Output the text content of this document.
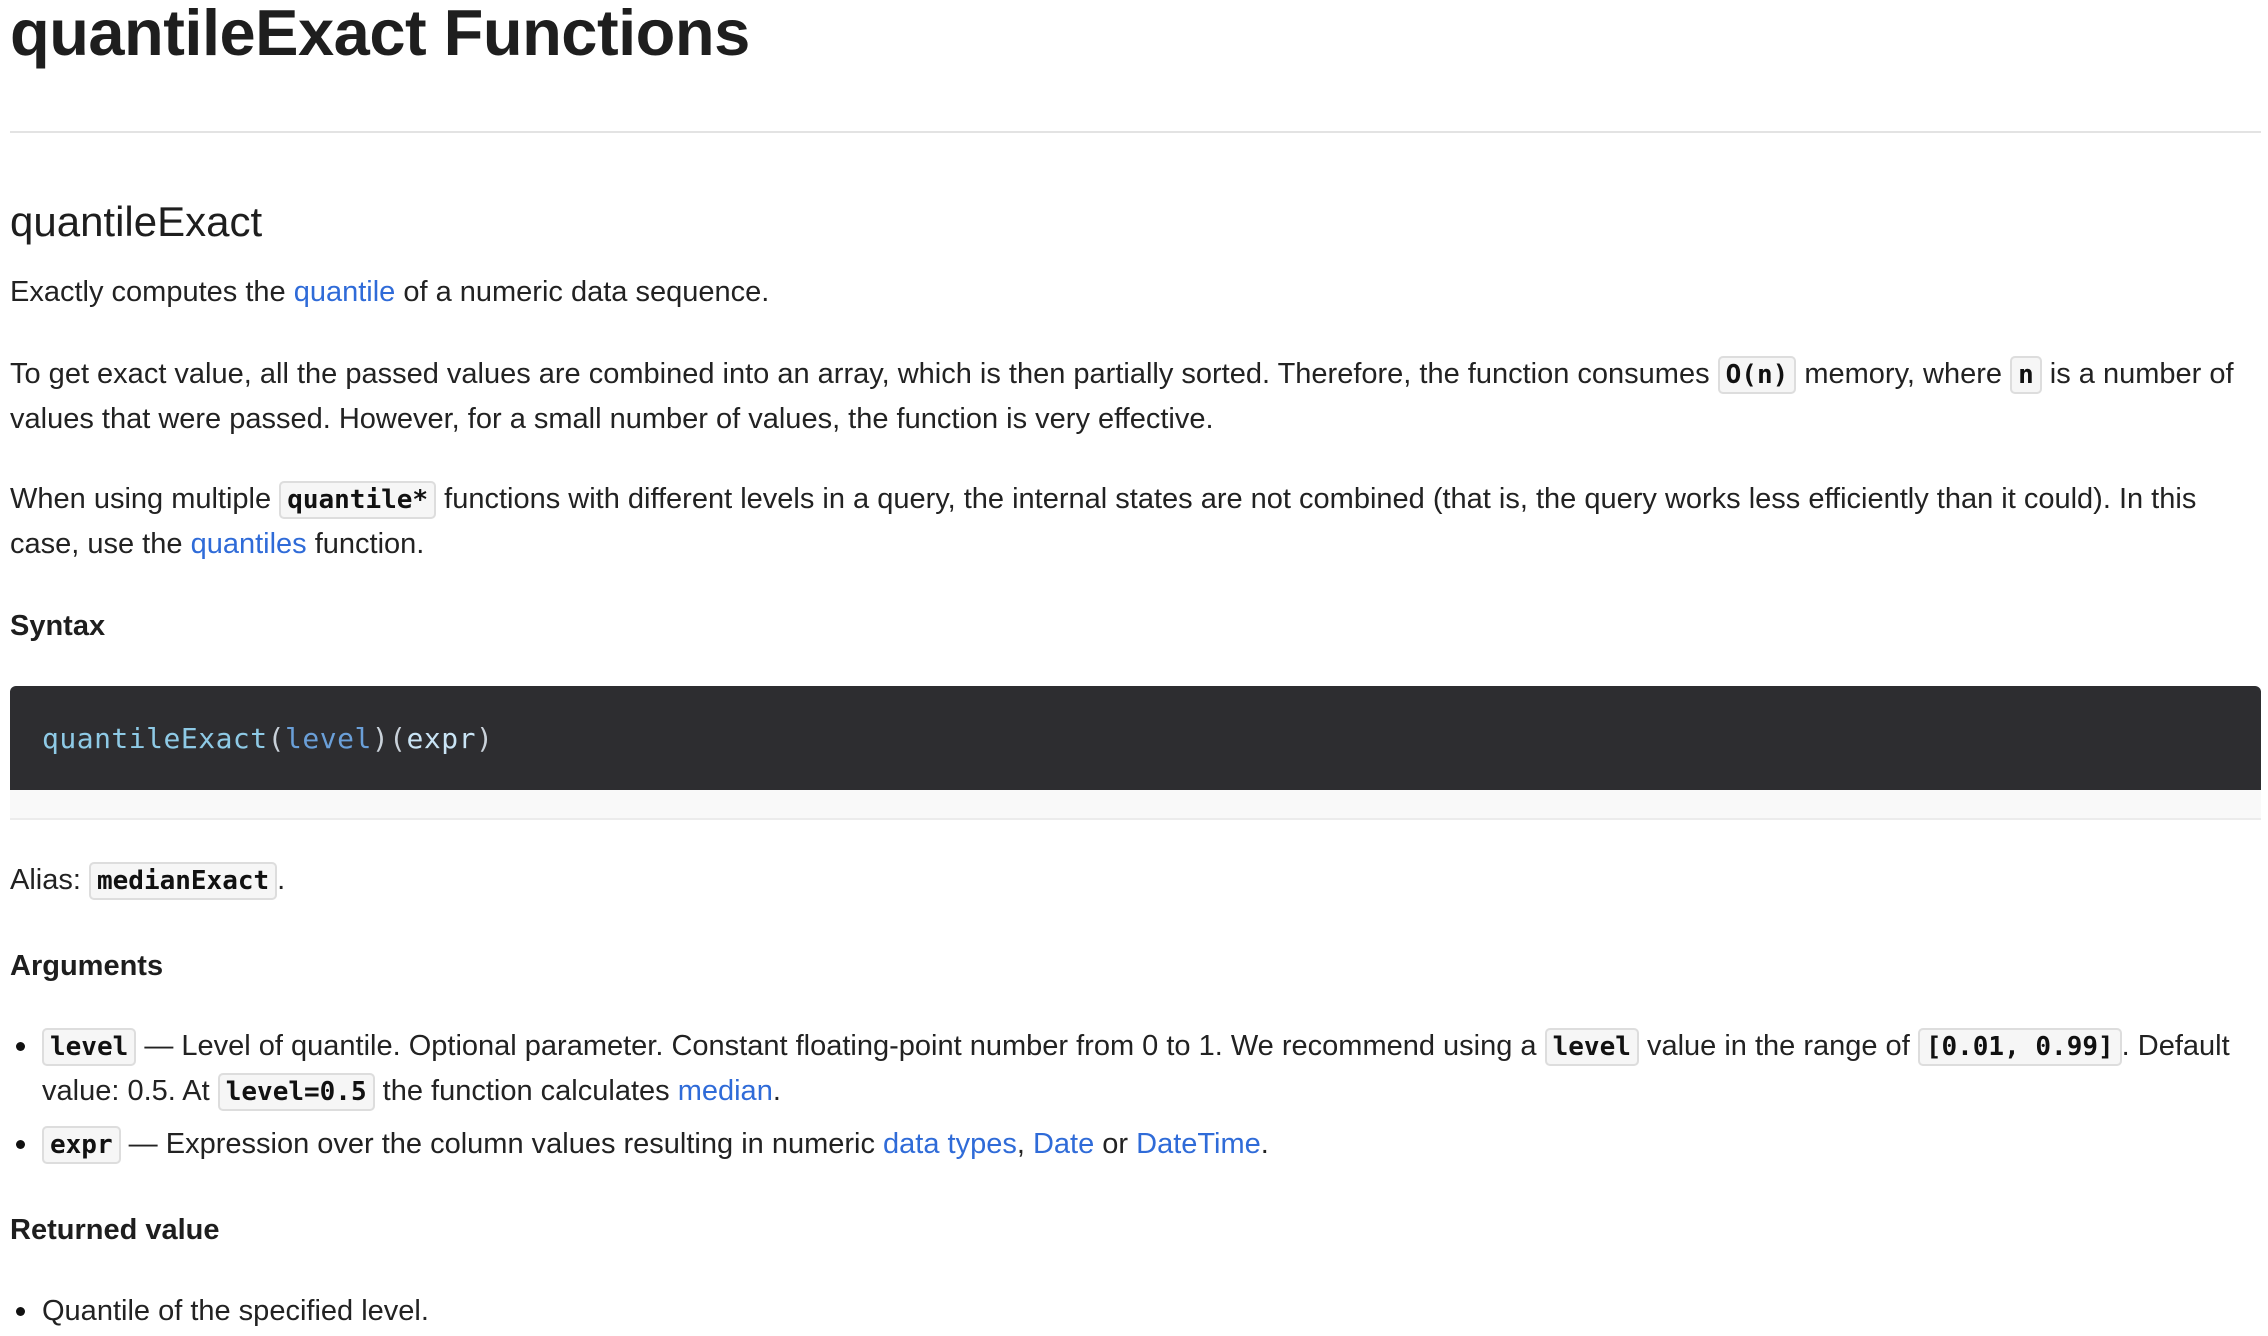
quantileExact Functions
quantileExact

Exactly computes the quantile of a numeric data sequence.

To get exact value, all the passed values are combined into an array, which is then partially sorted. Therefore, the function consumes O(n) memory, where n is a number of values that were passed. However, for a small number of values, the function is very effective.

When using multiple quantile* functions with different levels in a query, the internal states are not combined (that is, the query works less efficiently than it could). In this case, use the quantiles function.

Syntax
quantileExact(level)(expr)

Alias: medianExact .

Arguments
level — Level of quantile. Optional parameter. Constant floating-point number from 0 to 1. We recommend using a level value in the range of [0.01, 0.99] . Default value: 0.5. At level=0.5 the function calculates median.
expr — Expression over the column values resulting in numeric data types, Date or DateTime.
Returned value
Quantile of the specified level.
